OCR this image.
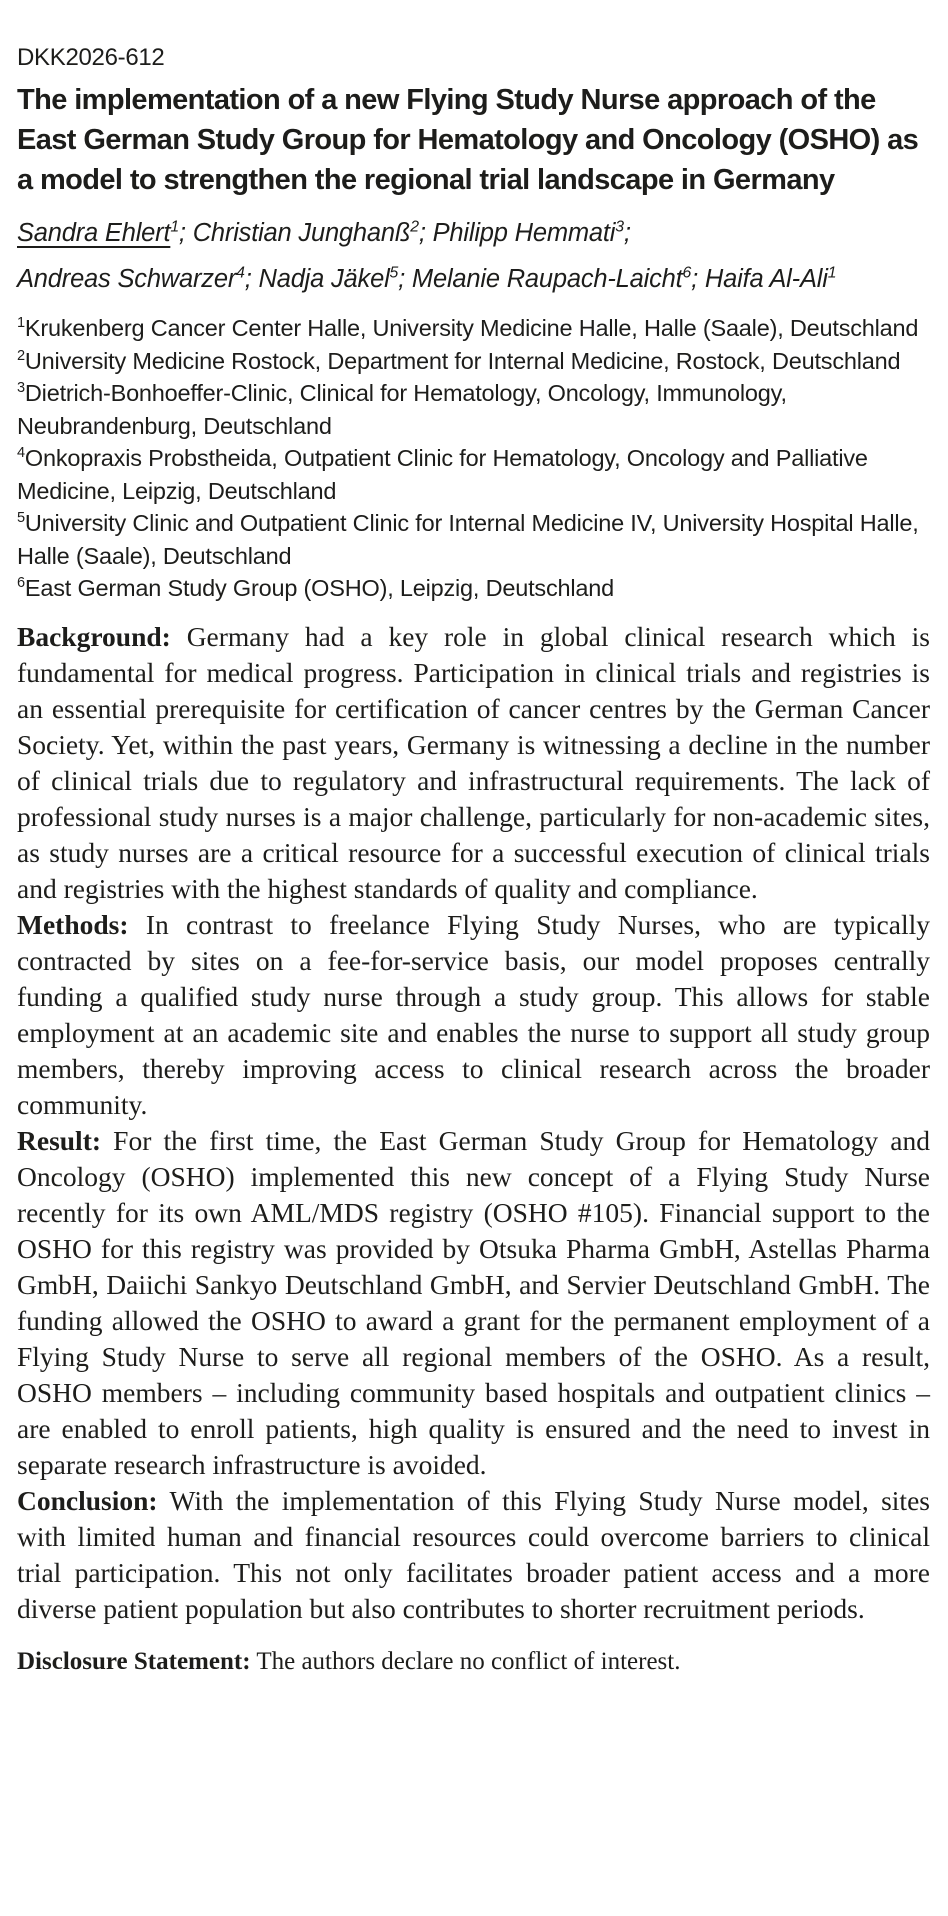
DKK2026-612
The implementation of a new Flying Study Nurse approach of the East German Study Group for Hematology and Oncology (OSHO) as a model to strengthen the regional trial landscape in Germany
Sandra Ehlert$^1$; Christian Junghanß$^2$; Philipp Hemmati$^3$;
Andreas Schwarzer$^4$; Nadja Jäkel$^5$; Melanie Raupach-Laicht$^6$; Haifa Al-Ali$^1$
$^1$Krukenberg Cancer Center Halle, University Medicine Halle, Halle (Saale), Deutschland
$^2$University Medicine Rostock, Department for Internal Medicine, Rostock, Deutschland
$^3$Dietrich-Bonhoeffer-Clinic, Clinical for Hematology, Oncology, Immunology, Neubrandenburg, Deutschland
$^4$Onkopraxis Probstheida, Outpatient Clinic for Hematology, Oncology and Palliative Medicine, Leipzig, Deutschland
$^5$University Clinic and Outpatient Clinic for Internal Medicine IV, University Hospital Halle, Halle (Saale), Deutschland
$^6$East German Study Group (OSHO), Leipzig, Deutschland

Background: Germany had a key role in global clinical research which is fundamental for medical progress. Participation in clinical trials and registries is an essential prerequisite for certification of cancer centres by the German Cancer Society. Yet, within the past years, Germany is witnessing a decline in the number of clinical trials due to regulatory and infrastructural requirements. The lack of professional study nurses is a major challenge, particularly for non-academic sites, as study nurses are a critical resource for a successful execution of clinical trials and registries with the highest standards of quality and compliance.

Methods: In contrast to freelance Flying Study Nurses, who are typically contracted by sites on a fee-for-service basis, our model proposes centrally funding a qualified study nurse through a study group. This allows for stable employment at an academic site and enables the nurse to support all study group members, thereby improving access to clinical research across the broader community.

Result: For the first time, the East German Study Group for Hematology and Oncology (OSHO) implemented this new concept of a Flying Study Nurse recently for its own AML/MDS registry (OSHO #105). Financial support to the OSHO for this registry was provided by Otsuka Pharma GmbH, Astellas Pharma GmbH, Daiichi Sankyo Deutschland GmbH, and Servier Deutschland GmbH. The funding allowed the OSHO to award a grant for the permanent employment of a Flying Study Nurse to serve all regional members of the OSHO. As a result, OSHO members – including community based hospitals and outpatient clinics – are enabled to enroll patients, high quality is ensured and the need to invest in separate research infrastructure is avoided.

Conclusion: With the implementation of this Flying Study Nurse model, sites with limited human and financial resources could overcome barriers to clinical trial participation. This not only facilitates broader patient access and a more diverse patient population but also contributes to shorter recruitment periods.

Disclosure Statement: The authors declare no conflict of interest.
